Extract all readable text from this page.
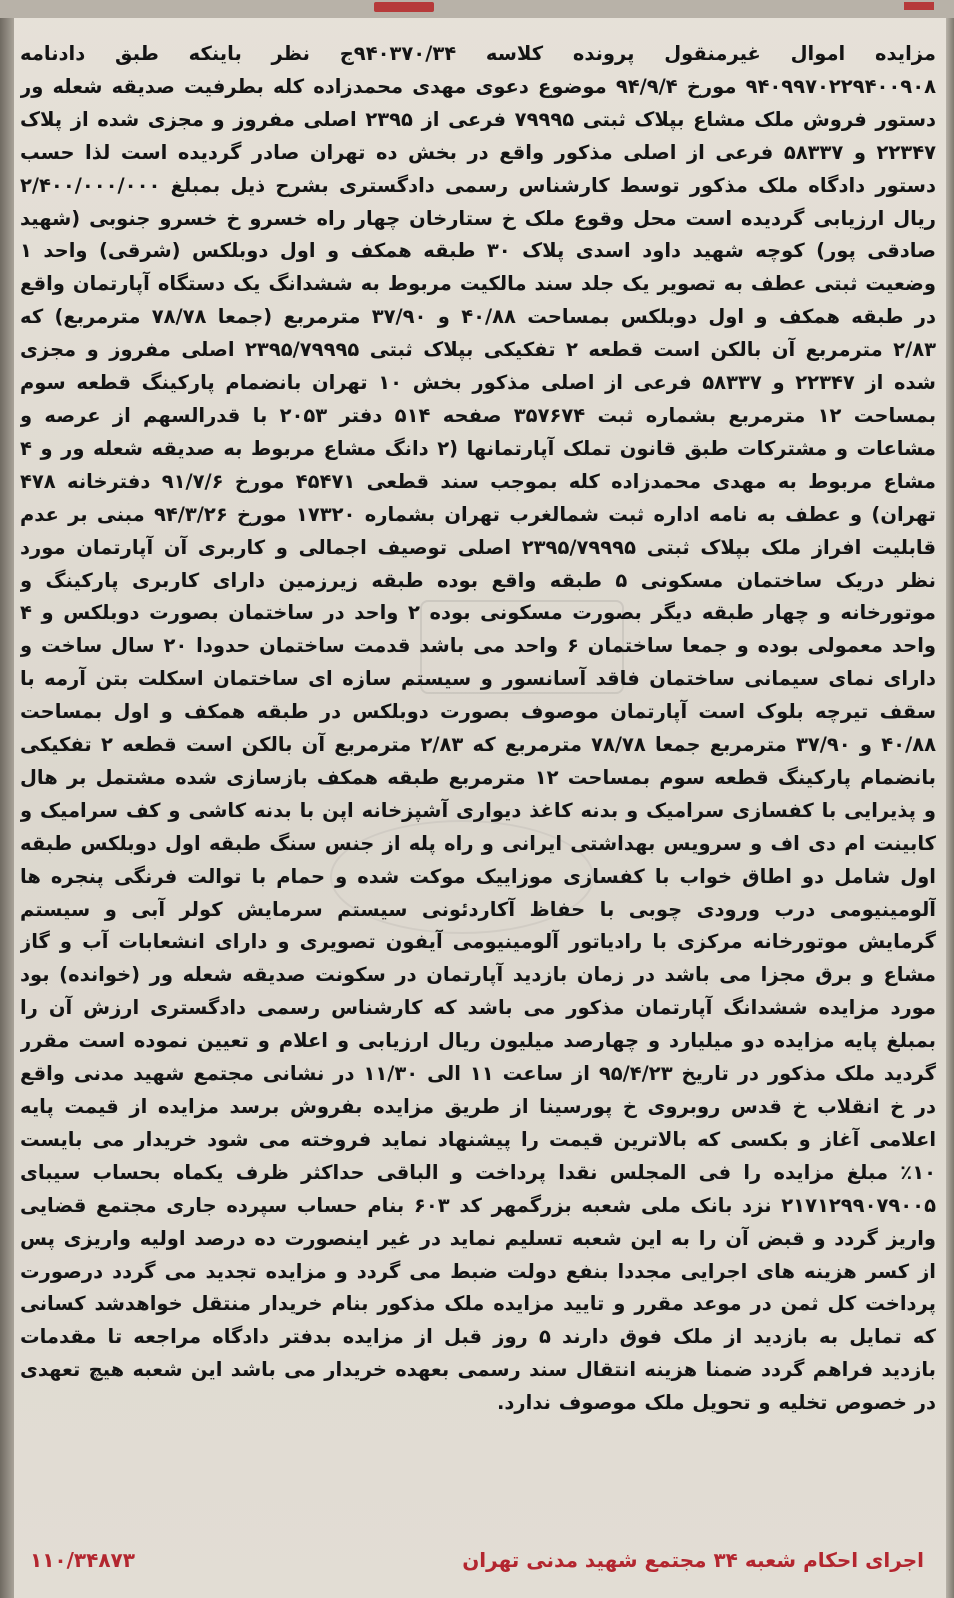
مزایده اموال غیرمنقول پرونده کلاسه ۹۴۰۳۷۰/۳۴ج نظر باینکه طبق دادنامه ۹۴۰۹۹۷۰۲۲۹۴۰۰۹۰۸ مورخ ۹۴/۹/۴ موضوع دعوی مهدی محمدزاده کله بطرفیت صدیقه شعله ور دستور فروش ملک مشاع بپلاک ثبتی ۷۹۹۹۵ فرعی از ۲۳۹۵ اصلی مفروز و مجزی شده از پلاک ۲۲۳۴۷ و ۵۸۳۳۷ فرعی از اصلی مذکور واقع در بخش ده تهران صادر گردیده است لذا حسب دستور دادگاه ملک مذکور توسط کارشناس رسمی دادگستری بشرح ذیل بمبلغ ۲/۴۰۰/۰۰۰/۰۰۰ ریال ارزیابی گردیده است محل وقوع ملک خ ستارخان چهار راه خسرو خ خسرو جنوبی (شهید صادقی پور) کوچه شهید داود اسدی پلاک ۳۰ طبقه همکف و اول دوبلکس (شرقی) واحد ۱ وضعیت ثبتی عطف به تصویر یک جلد سند مالکیت مربوط به ششدانگ یک دستگاه آپارتمان واقع در طبقه همکف و اول دوبلکس بمساحت ۴۰/۸۸ و ۳۷/۹۰ مترمربع (جمعا ۷۸/۷۸ مترمربع) که ۲/۸۳ مترمربع آن بالکن است قطعه ۲ تفکیکی بپلاک ثبتی ۲۳۹۵/۷۹۹۹۵ اصلی مفروز و مجزی شده از ۲۲۳۴۷ و ۵۸۳۳۷ فرعی از اصلی مذکور بخش ۱۰ تهران بانضمام پارکینگ قطعه سوم بمساحت ۱۲ مترمربع بشماره ثبت ۳۵۷۶۷۴ صفحه ۵۱۴ دفتر ۲۰۵۳ با قدرالسهم از عرصه و مشاعات و مشترکات طبق قانون تملک آپارتمانها (۲ دانگ مشاع مربوط به صدیقه شعله ور و ۴ مشاع مربوط به مهدی محمدزاده کله بموجب سند قطعی ۴۵۴۷۱ مورخ ۹۱/۷/۶ دفترخانه ۴۷۸ تهران) و عطف به نامه اداره ثبت شمالغرب تهران بشماره ۱۷۳۲۰ مورخ ۹۴/۳/۲۶ مبنی بر عدم قابلیت افراز ملک بپلاک ثبتی ۲۳۹۵/۷۹۹۹۵ اصلی توصیف اجمالی و کاربری آن آپارتمان مورد نظر دریک ساختمان مسکونی ۵ طبقه واقع بوده طبقه زیرزمین دارای کاربری پارکینگ و موتورخانه و چهار طبقه دیگر بصورت مسکونی بوده ۲ واحد در ساختمان بصورت دوبلکس و ۴ واحد معمولی بوده و جمعا ساختمان ۶ واحد می باشد قدمت ساختمان حدودا ۲۰ سال ساخت و دارای نمای سیمانی ساختمان فاقد آسانسور و سیستم سازه ای ساختمان اسکلت بتن آرمه با سقف تیرچه بلوک است آپارتمان موصوف بصورت دوبلکس در طبقه همکف و اول بمساحت ۴۰/۸۸ و ۳۷/۹۰ مترمربع جمعا ۷۸/۷۸ مترمربع که ۲/۸۳ مترمربع آن بالکن است قطعه ۲ تفکیکی بانضمام پارکینگ قطعه سوم بمساحت ۱۲ مترمربع طبقه همکف بازسازی شده مشتمل بر هال و پذیرایی با کفسازی سرامیک و بدنه کاغذ دیواری آشپزخانه اپن با بدنه کاشی و کف سرامیک و کابینت ام دی اف و سرویس بهداشتی ایرانی و راه پله از جنس سنگ طبقه اول دوبلکس طبقه اول شامل دو اطاق خواب با کفسازی موزاییک موکت شده و حمام با توالت فرنگی پنجره ها آلومینیومی درب ورودی چوبی با حفاظ آکاردئونی سیستم سرمایش کولر آبی و سیستم گرمایش موتورخانه مرکزی با رادیاتور آلومینیومی آیفون تصویری و دارای انشعابات آب و گاز مشاع و برق مجزا می باشد در زمان بازدید آپارتمان در سکونت صدیقه شعله ور (خوانده) بود مورد مزایده ششدانگ آپارتمان مذکور می باشد که کارشناس رسمی دادگستری ارزش آن را بمبلغ پایه مزایده دو میلیارد و چهارصد میلیون ریال ارزیابی و اعلام و تعیین نموده است مقرر گردید ملک مذکور در تاریخ ۹۵/۴/۲۳ از ساعت ۱۱ الی ۱۱/۳۰ در نشانی مجتمع شهید مدنی واقع در خ انقلاب خ قدس روبروی خ پورسینا از طریق مزایده بفروش برسد مزایده از قیمت پایه اعلامی آغاز و بکسی که بالاترین قیمت را پیشنهاد نماید فروخته می شود خریدار می بایست ۱۰٪ مبلغ مزایده را فی المجلس نقدا پرداخت و الباقی حداکثر ظرف یکماه بحساب سیبای ۲۱۷۱۲۹۹۰۷۹۰۰۵ نزد بانک ملی شعبه بزرگمهر کد ۶۰۳ بنام حساب سپرده جاری مجتمع قضایی واریز گردد و قبض آن را به این شعبه تسلیم نماید در غیر اینصورت ده درصد اولیه واریزی پس از کسر هزینه های اجرایی مجددا بنفع دولت ضبط می گردد و مزایده تجدید می گردد درصورت پرداخت کل ثمن در موعد مقرر و تایید مزایده ملک مذکور بنام خریدار منتقل خواهدشد کسانی که تمایل به بازدید از ملک فوق دارند ۵ روز قبل از مزایده بدفتر دادگاه مراجعه تا مقدمات بازدید فراهم گردد ضمنا هزینه انتقال سند رسمی بعهده خریدار می باشد این شعبه هیچ تعهدی در خصوص تخلیه و تحویل ملک موصوف ندارد.
اجرای احکام شعبه ۳۴ مجتمع شهید مدنی تهران
۱۱۰/۳۴۸۷۳
